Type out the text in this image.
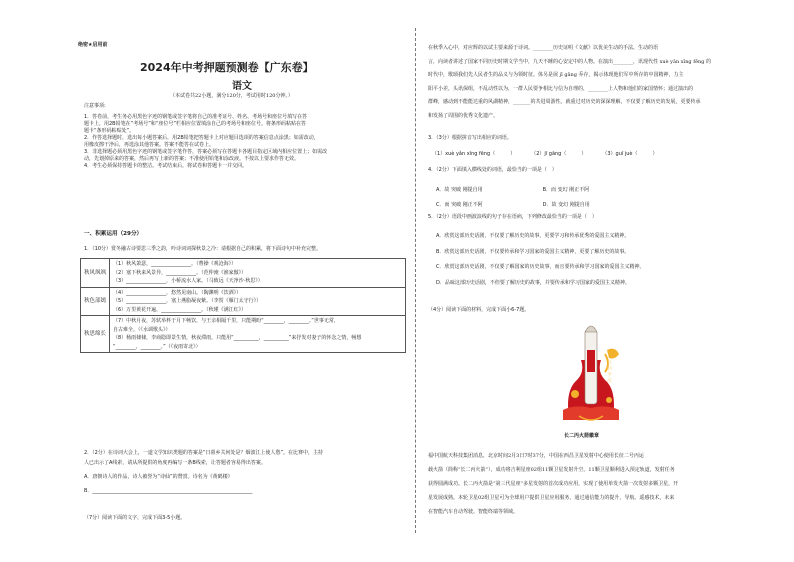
绝密★启用前
2024年中考押题预测卷【广东卷】
语文
（本试卷共22小题，满分120分，考试用时120分钟。）
注意事项:
1．答卷前，考生务必用黑色字迹的钢笔或签字笔将自己的准考证号、姓名、考场号和座位号填写在答
题卡上，用2B铅笔在“考场号”和“座位号”栏相应位置填涂自己的考场号和座位号。将条形码粘贴在答
题卡“条形码粘贴处”。
2．作答选择题时，选出每小题答案后，用2B铅笔把答题卡上对应题目选项的答案信息点涂黑；如需改动，
用橡皮擦干净后，再选涂其他答案。答案不能答在试卷上。
3．非选择题必须用黑色字迹的钢笔或签字笔作答，答案必须写在答题卡各题目指定区域内相应位置上；如需改
动，先划掉原来的答案，然后再写上新的答案；不准使用铅笔和涂改液。不按以上要求作答无效。
4．考生必须保持答题卡的整洁。考试结束后，将试卷和答题卡一并交回。
一、积累运用（29分）
1．（10分）赏冬融古诗要思三季之韵，吟诗词词探秋景之冷：请根据自己的积累，将下面诗句中补充完整。
秋风飒飒	（1）秋风萧瑟，________________。（曹操《观沧海》）
（2）塞下秋来风景异，____________。（范仲淹《渔家傲》）
（3）________________，小桥流水人家。（马致远《天净沙·秋思》）

秋色部嫣	（4）________________，悠然见南山。（陶渊明《饮酒》）
（5）________________，塞上燕脂凝夜紫。（李贺《雁门太守行》）
（6）万里黄花开遍，________________。（秋瑾《满江红》）

秋思绵长	（7）中秋月夜，苏轼举杯于月下畅饮，与王亲相隔千里，只能期盼“________，________。”世事无常，
自古难全。（《水调歌头》）
（8）杨雨棣棣，李商隐即景生情，秋夜滞雨，只能用“__________，__________”来抒发对妻子的怀念之情，畅想
“________，________。”（《夜雨寄北》）
2．（2分）在诗词大会上，一道文学知识类题的答案是“日暮乡关何处是？烟波江上使人愁”。在比赛中，主持
人已出示了A线索，请从所提供的角度再编写一条B线索，让答题者容易得出答案。
A．唐朝诗人的作品，诗人被誉为“诗仙”的赞赏。诗名为《黄鹤楼》
B．________________________________________________________________
（7分）阅读下面的文字，完成下面3-5小题。
在秋季入心中，对应辉的以试主要来源于诗词。________历史证明《文献》以优美生动的手法、生动的语
言，向读者讲述了国家不同历史时期文学当中，九天不睡的心安定中的人物。在演出________，讯现代性 xuè yǎn xīng fēng 的
时代中，歌颂我们先人民者生的品义与为领时征。体另是展 jī gāng 乔存，揭示体现他们军中所存的中国精神，力主
阳平小差，头讯保组，不乱动性以为，一群人民要争相比与信为自理的，________上人物和他们的家国情怀；通过演出的
群峰，感动到不能能达重的风湖精神，_______的共进周游性。就重过对历史的深深理解，不仅要了解历史的发展，更要传承
和发扬了周围的优秀文化遗产。
3．（3分）根据拼音写出相应的词语。
（1）xuè yǎn xīng fēng（　　　）	（2）jī gāng（　　　）	（3）guī juè（　　　）
4．（2分）下面填入横线处的词语，最恰当的一项是（　）
A．故 突破 刚提自用	B．而 变幻 刚正不阿
C．而 突破 刚正不阿	D．故 变幻 刚提自用
5．（2分）语段中画波浪线的句子存在语病，下列修改最恰当的一项是（　）
A．欣赏这部历史话剧，不仅要了解历史的故事，更要学习和传承优秀的爱国主义精神。
B．欣赏这部历史话剧，不仅要传承和学习国家的爱国主义精神，更要了解历史的故事。
C．欣赏这部历史话剧，不仅要了解国家的历史故事，而且要传承和学习国家的爱国主义精神。
D．品味这部历史话剧，不但要了解历史的故事，并要传承和学习国家的爱国主义精神。
（4分）阅读下面的材料，完成下面小6-7题。
百舸争流
长二丙火箭徽章
福中国航天科技集团消息，北京时间2月3日7时37分，中国在西昌卫星发射中心使用长征二号丙运
载火箭（简称“长二丙火箭”），成功将吉利星座02组11颗卫星发射升空。11颗卫星顺利进入预定轨道，发射任务
获得圆满成功。长二丙火箭是“第三代星座”多星发射的首次成功应用，实现了使用单发火箭一次发射多颗卫星，开
星发展成熟。本轮卫星02组卫星可为全球用户提供卫星应用服务，通过通信能力的提升，导航、遥感技术，未来
在智能汽车自动驾驶、智能终端等领域。
